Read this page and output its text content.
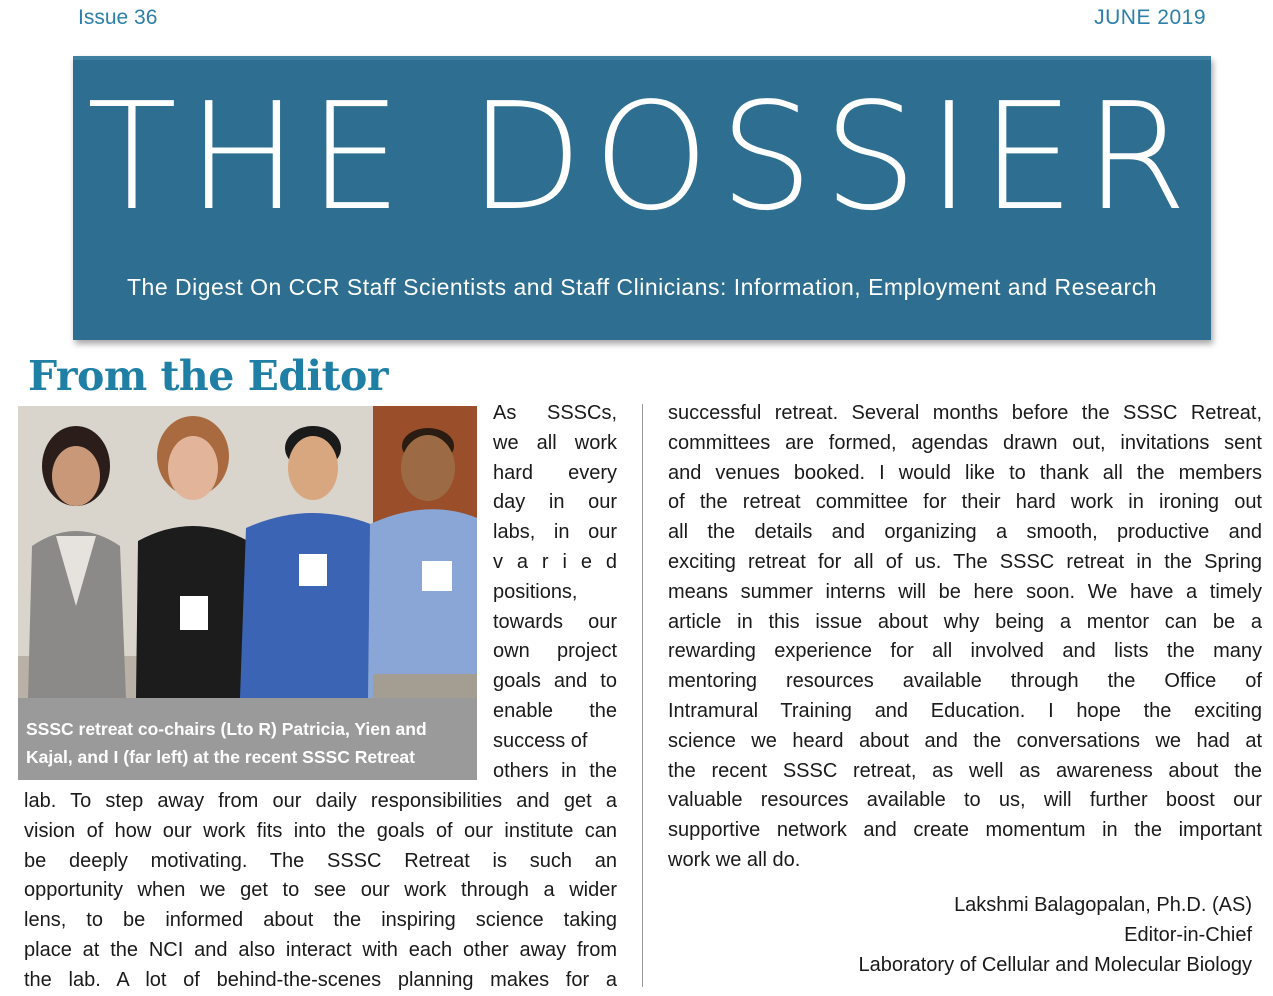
Issue 36	JUNE 2019
THE DOSSIER
The Digest On CCR Staff Scientists and Staff Clinicians: Information, Employment and Research
From the Editor
SSSC retreat co-chairs (Lto R) Patricia, Yien and
Kajal, and I (far left) at the recent SSSC Retreat
As SSSCs,
we all work
hard every
day in our
labs, in our
v a r i e d
positions,
towards our
own project
goals and to
enable the
success of
others in the
lab. To step away from our daily responsibilities and get a
vision of how our work fits into the goals of our institute can
be deeply motivating. The SSSC Retreat is such an
opportunity when we get to see our work through a wider
lens, to be informed about the inspiring science taking
place at the NCI and also interact with each other away from
the lab. A lot of behind-the-scenes planning makes for a
successful retreat. Several months before the SSSC Retreat,
committees are formed, agendas drawn out, invitations sent
and venues booked. I would like to thank all the members
of the retreat committee for their hard work in ironing out
all the details and organizing a smooth, productive and
exciting retreat for all of us. The SSSC retreat in the Spring
means summer interns will be here soon. We have a timely
article in this issue about why being a mentor can be a
rewarding experience for all involved and lists the many
mentoring resources available through the Office of
Intramural Training and Education. I hope the exciting
science we heard about and the conversations we had at
the recent SSSC retreat, as well as awareness about the
valuable resources available to us, will further boost our
supportive network and create momentum in the important
work we all do.
Lakshmi Balagopalan, Ph.D. (AS)
Editor-in-Chief
Laboratory of Cellular and Molecular Biology
